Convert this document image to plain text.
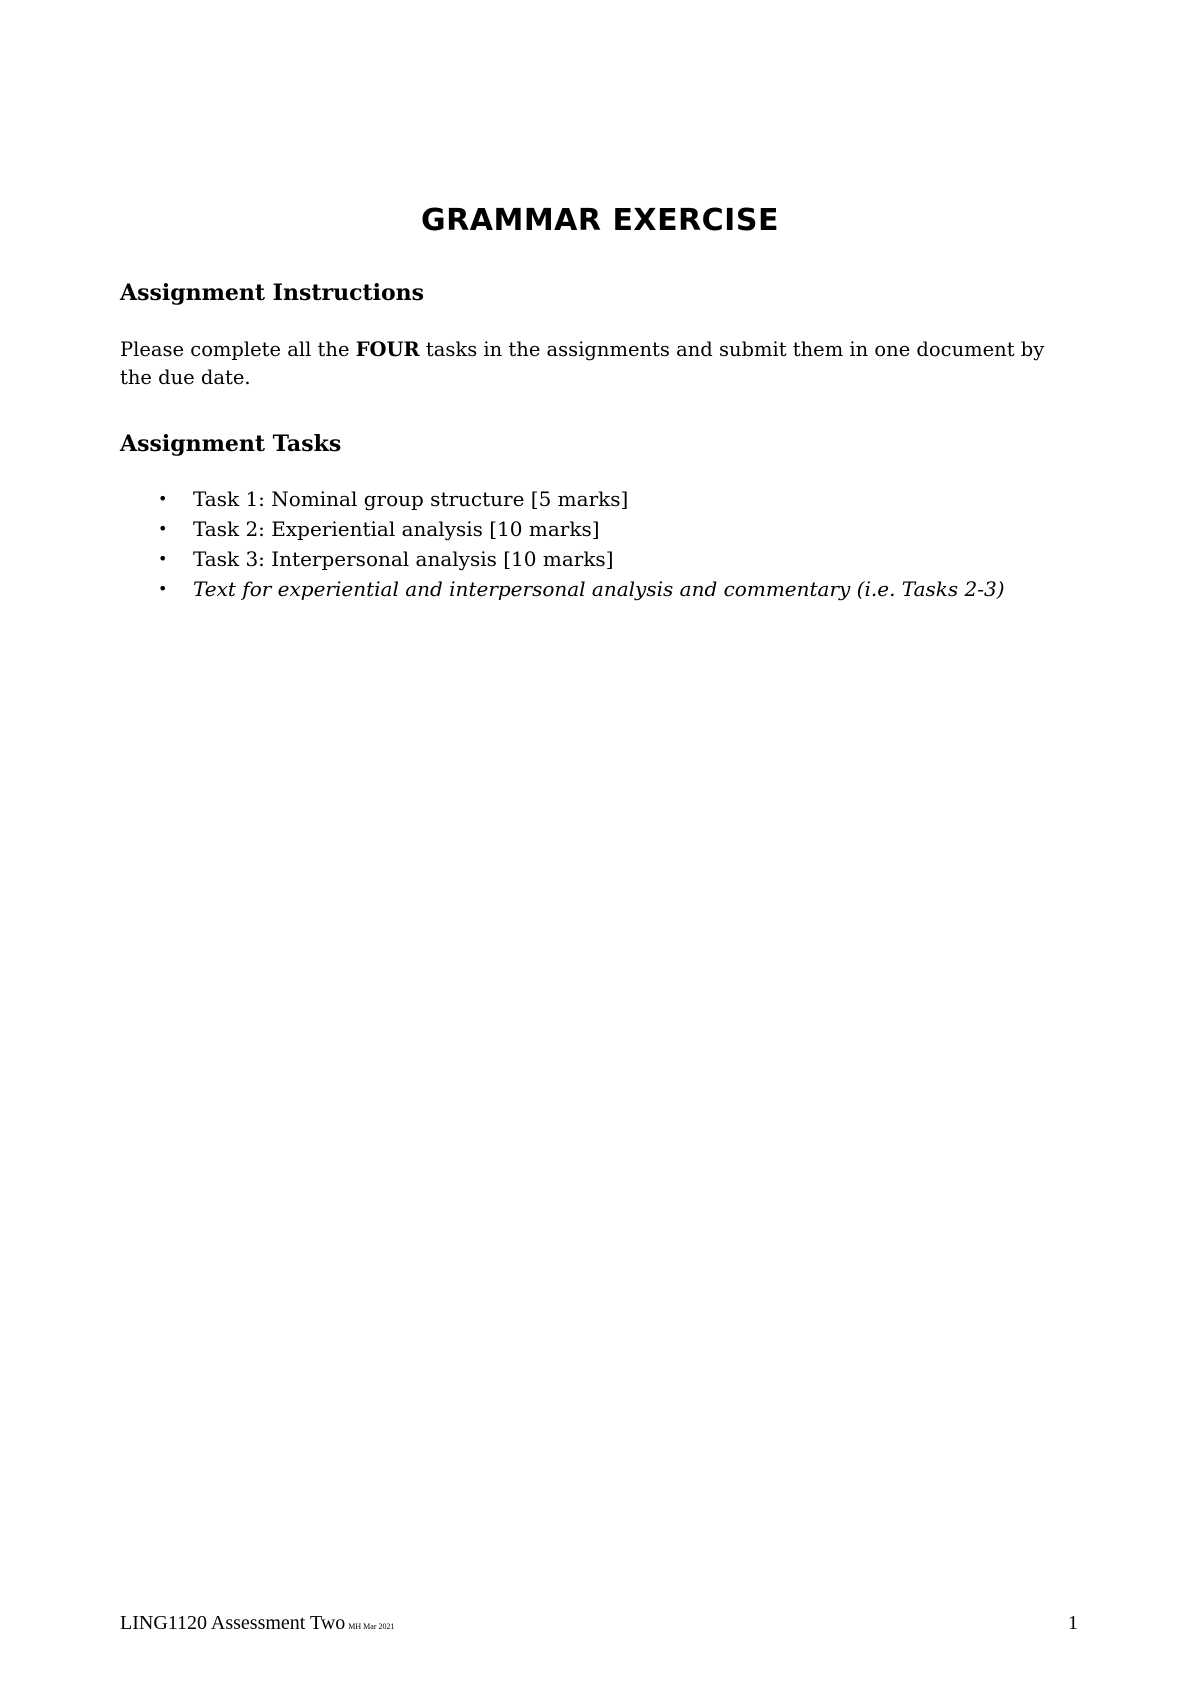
GRAMMAR EXERCISE
Assignment Instructions

Please complete all the FOUR tasks in the assignments and submit them in one document by the due date.

Assignment Tasks
• Task 1: Nominal group structure [5 marks]
• Task 2: Experiential analysis [10 marks]
• Task 3: Interpersonal analysis [10 marks]
• Text for experiential and interpersonal analysis and commentary (i.e. Tasks 2-3)
LING1120 Assessment Two MH Mar 2021	1
